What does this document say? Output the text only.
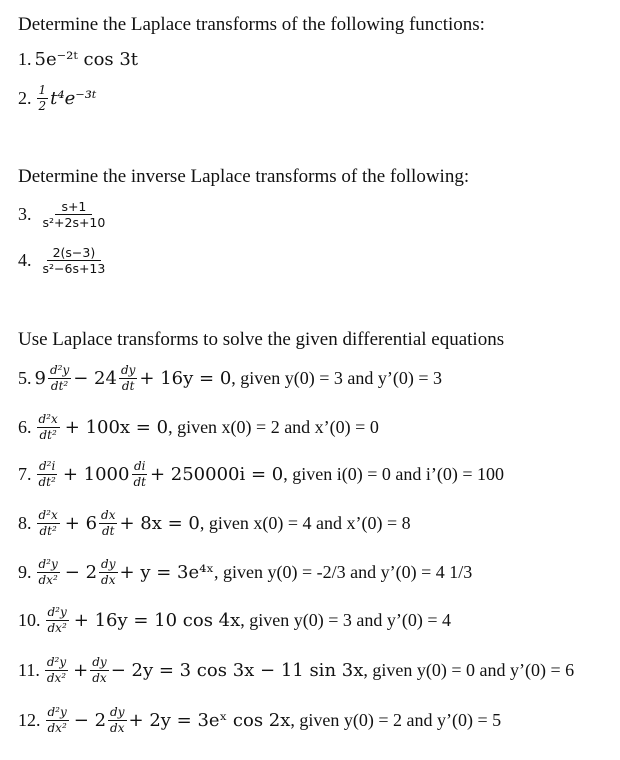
Determine the Laplace transforms of the following functions:
1. 5e⁻²ᵗ cos 3t
2. $\frac{1}{2}$ t⁴e⁻³ᵗ
Determine the inverse Laplace transforms of the following:
3. $\frac{s+1}{\text{s²+2s+10}}$
4. $\frac{2(s-3)}{\text{s²−6s+13}}$
Use Laplace transforms to solve the given differential equations
5. $9 \frac{\text{d²y}}{\text{dt²}} - 24 \frac{dy}{dt} + 16y = 0$ , given y(0) = 3 and y’(0) = 3
6. $\frac{\text{d²x}}{\text{dt²}} + 100x = 0$ , given x(0) = 2 and x’(0) = 0
7. $\frac{\text{d²i}}{\text{dt²}} + 1000 \frac{di}{dt} + 250000i = 0$ , given i(0) = 0 and i’(0) = 100
8. $\frac{\text{d²x}}{\text{dt²}} + 6 \frac{dx}{dt} + 8x = 0$ , given x(0) = 4 and x’(0) = 8
9. $\frac{\text{d²y}}{\text{dx²}} - 2 \frac{dy}{dx} + y$ = 3e⁴ˣ , given y(0) = -2/3 and y’(0) = 4 1/3
10. $\frac{\text{d²y}}{\text{dx²}} + 16y = 10$ cos 4x , given y(0) = 3 and y’(0) = 4
11. $\frac{\text{d²y}}{\text{dx²}} + \frac{dy}{dx} - 2y = 3$ cos 3x − 11 sin 3x , given y(0) = 0 and y’(0) = 6
12. $\frac{\text{d²y}}{\text{dx²}} - 2 \frac{dy}{dx} + 2y$ = 3eˣ cos 2x , given y(0) = 2 and y’(0) = 5
